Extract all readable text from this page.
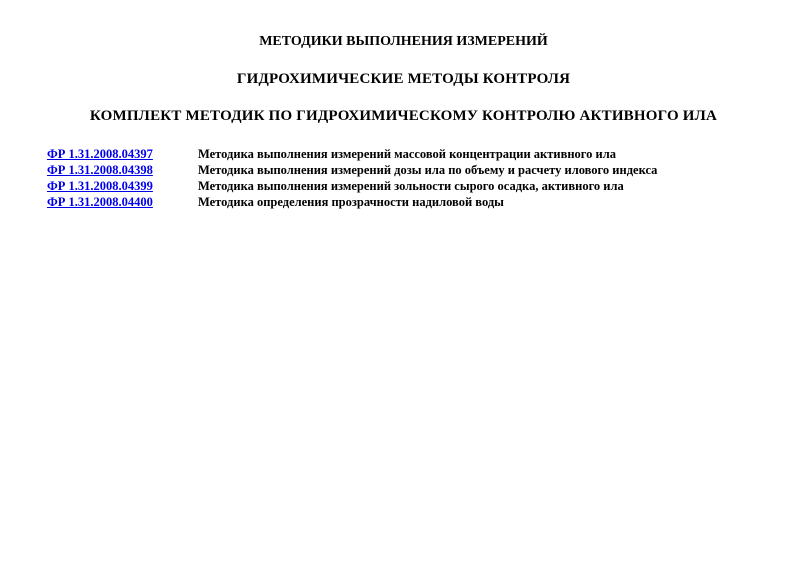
МЕТОДИКИ ВЫПОЛНЕНИЯ ИЗМЕРЕНИЙ
ГИДРОХИМИЧЕСКИЕ МЕТОДЫ КОНТРОЛЯ
КОМПЛЕКТ МЕТОДИК ПО ГИДРОХИМИЧЕСКОМУ КОНТРОЛЮ АКТИВНОГО ИЛА
ФР 1.31.2008.04397	Методика выполнения измерений массовой концентрации активного ила
ФР 1.31.2008.04398	Методика выполнения измерений дозы ила по объему и расчету илового индекса
ФР 1.31.2008.04399	Методика выполнения измерений зольности сырого осадка, активного ила
ФР 1.31.2008.04400	Методика определения прозрачности надиловой воды
